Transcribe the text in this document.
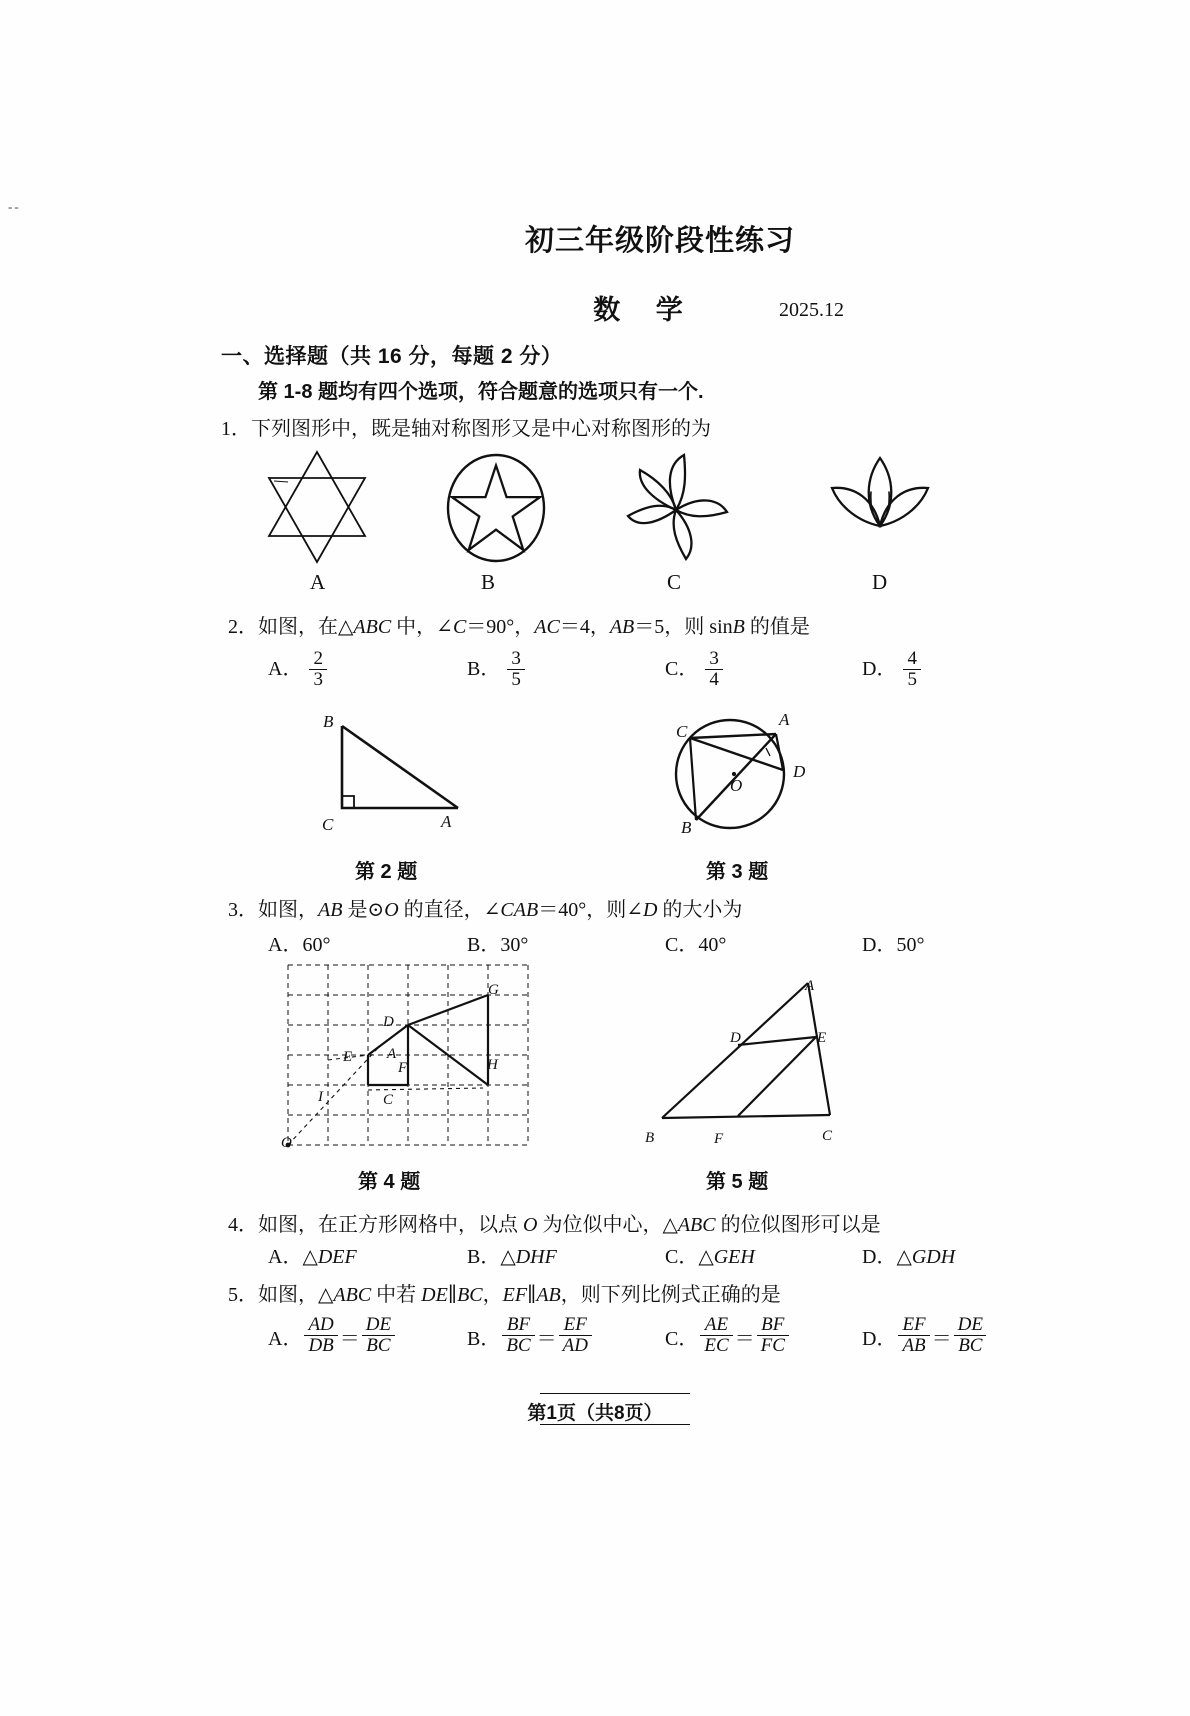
--
初三年级阶段性练习
数 学	2025.12
一、选择题（共 16 分，每题 2 分）
第 1-8 题均有四个选项，符合题意的选项只有一个.
1．下列图形中，既是轴对称图形又是中心对称图形的为
A	B	C	D
2．如图，在△ABC 中，∠C＝90°，AC＝4，AB＝5，则 sinB 的值是
A． $\frac{2}{3}$	B． $\frac{3}{5}$	C． $\frac{3}{4}$	D． $\frac{4}{5}$
B
C	A
第 2 题
C
A
D
O
B
第 3 题
3．如图，AB 是⊙O 的直径，∠CAB＝40°，则∠D 的大小为
A．60°	B．30°	C．40°	D．50°
G
D
E A
F	H
I	C
O
第 4 题
A
D	E
B	F	C
第 5 题
4．如图，在正方形网格中，以点 O 为位似中心，△ABC 的位似图形可以是
A．△DEF	B．△DHF	C．△GEH	D．△GDH
5．如图，△ABC 中若 DE∥BC，EF∥AB，则下列比例式正确的是
A． $\frac{AD}{DB} = \frac{DE}{BC}$	B． $\frac{BF}{BC} = \frac{EF}{AD}$	C． $\frac{AE}{EC} = \frac{BF}{FC}$	D． $\frac{EF}{AB} = \frac{DE}{BC}$
第1页（共8页）
